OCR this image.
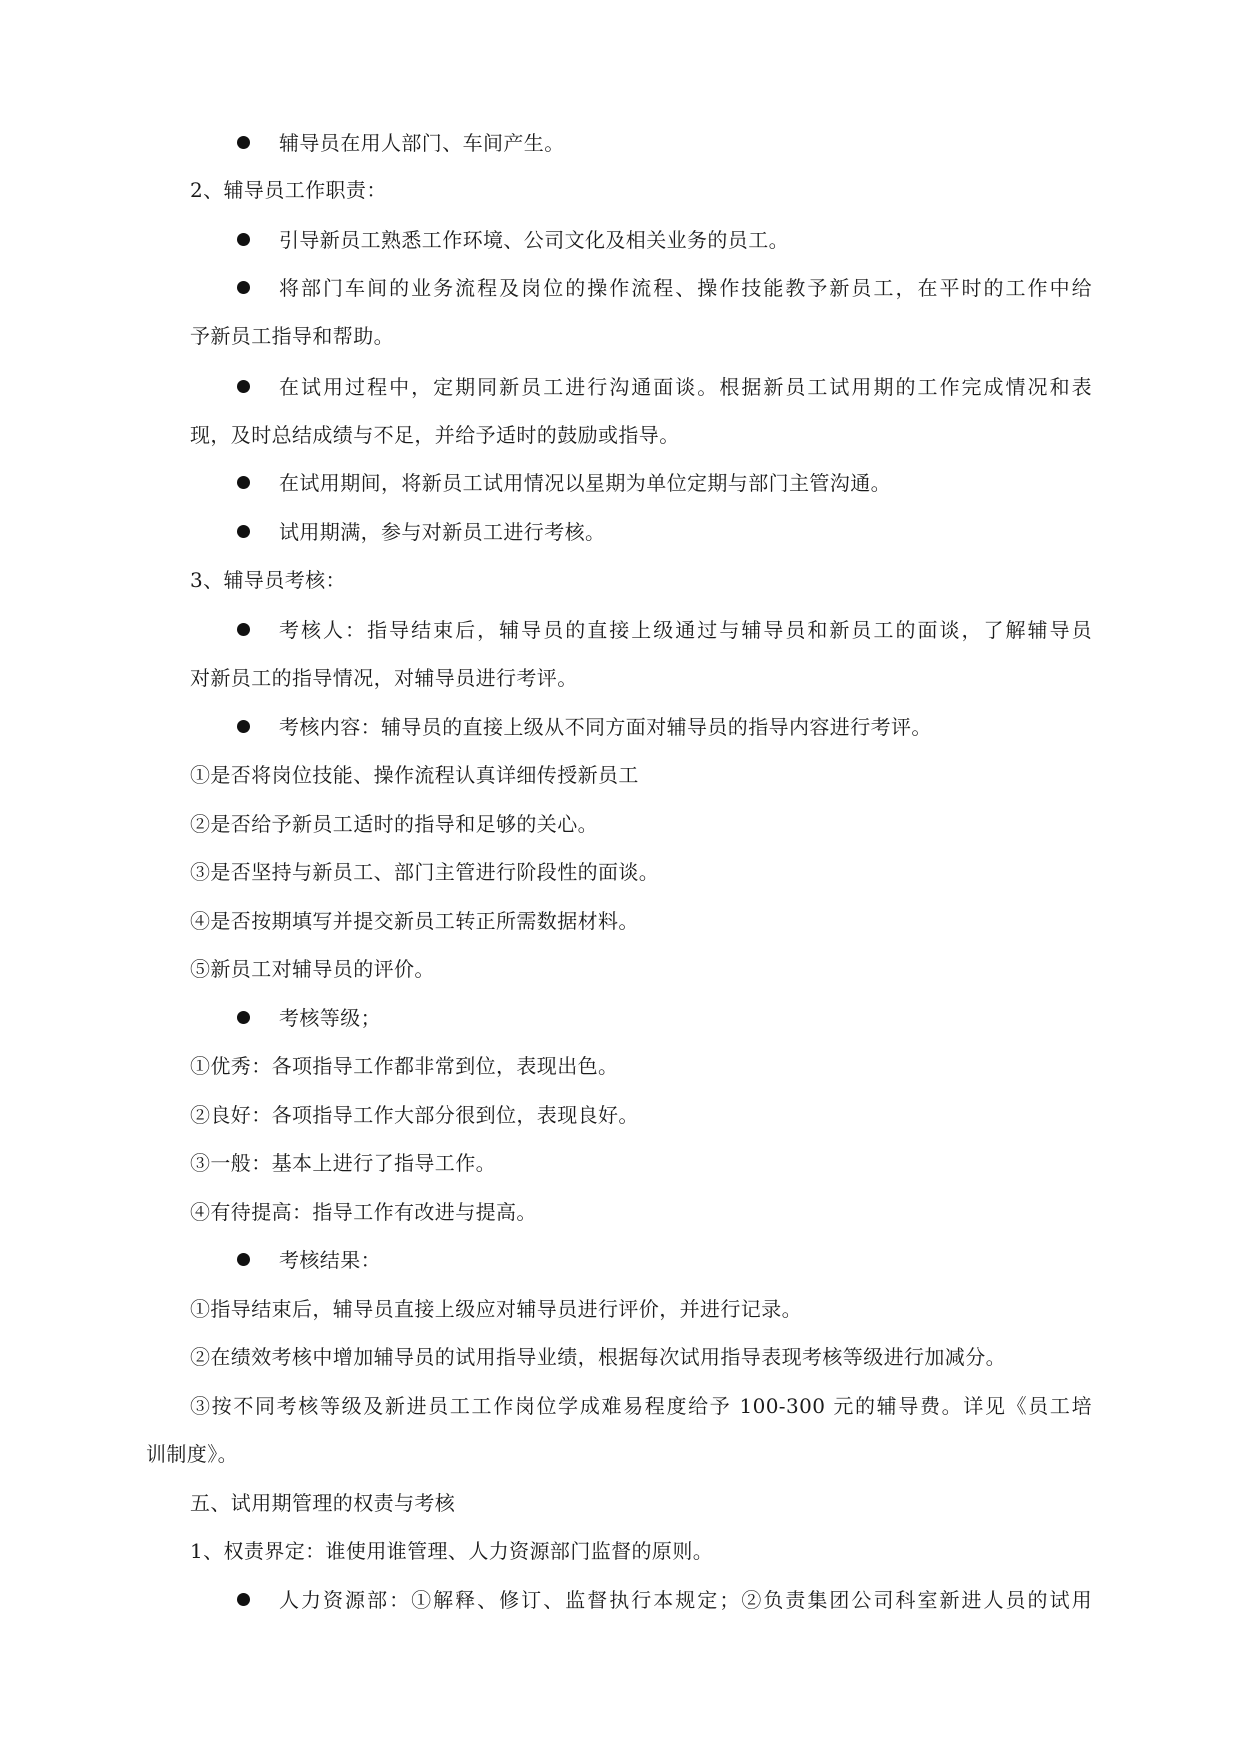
辅导员在用人部门、车间产生。
2、辅导员工作职责：
引导新员工熟悉工作环境、公司文化及相关业务的员工。
将部门车间的业务流程及岗位的操作流程、操作技能教予新员工，在平时的工作中给
予新员工指导和帮助。
在试用过程中，定期同新员工进行沟通面谈。根据新员工试用期的工作完成情况和表
现，及时总结成绩与不足，并给予适时的鼓励或指导。
在试用期间，将新员工试用情况以星期为单位定期与部门主管沟通。
试用期满，参与对新员工进行考核。
3、辅导员考核：
考核人：指导结束后，辅导员的直接上级通过与辅导员和新员工的面谈，了解辅导员
对新员工的指导情况，对辅导员进行考评。
考核内容：辅导员的直接上级从不同方面对辅导员的指导内容进行考评。
①是否将岗位技能、操作流程认真详细传授新员工
②是否给予新员工适时的指导和足够的关心。
③是否坚持与新员工、部门主管进行阶段性的面谈。
④是否按期填写并提交新员工转正所需数据材料。
⑤新员工对辅导员的评价。
考核等级；
①优秀：各项指导工作都非常到位，表现出色。
②良好：各项指导工作大部分很到位，表现良好。
③一般：基本上进行了指导工作。
④有待提高：指导工作有改进与提高。
考核结果：
①指导结束后，辅导员直接上级应对辅导员进行评价，并进行记录。
②在绩效考核中增加辅导员的试用指导业绩，根据每次试用指导表现考核等级进行加减分。
③按不同考核等级及新进员工工作岗位学成难易程度给予 100-300 元的辅导费。详见《员工培
训制度》。
五、试用期管理的权责与考核
1、权责界定：谁使用谁管理、人力资源部门监督的原则。
人力资源部：①解释、修订、监督执行本规定；②负责集团公司科室新进人员的试用
